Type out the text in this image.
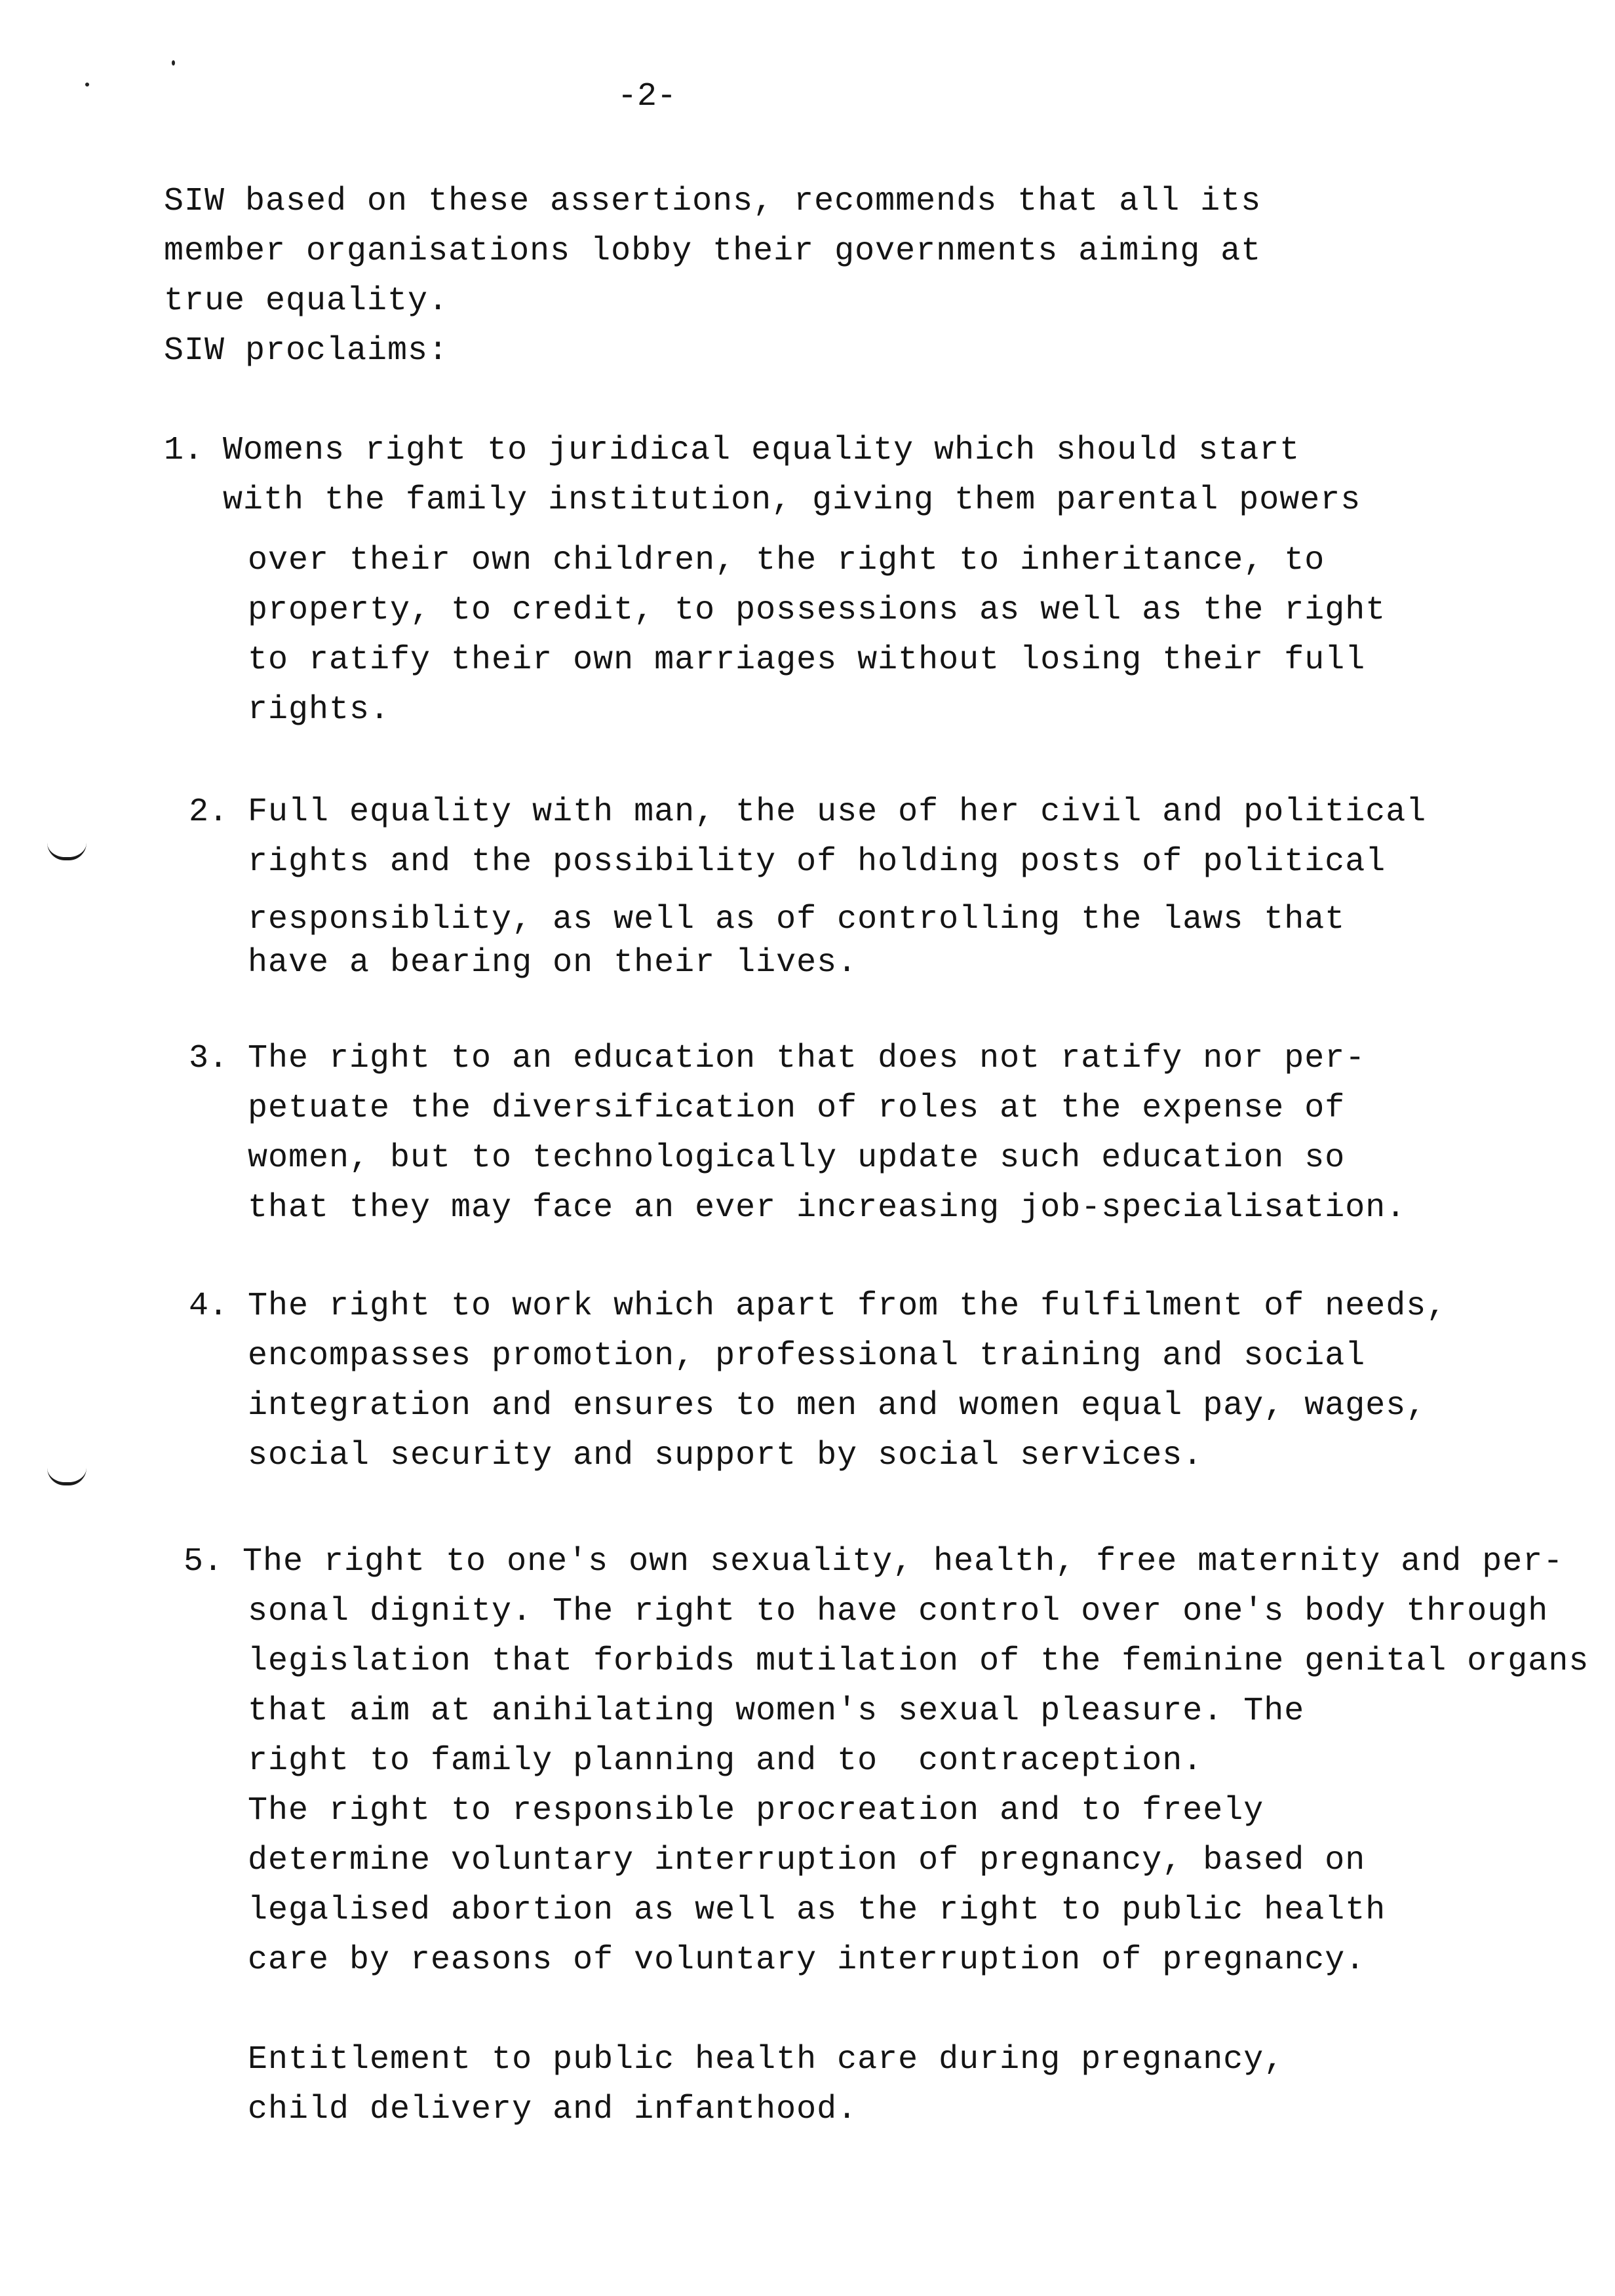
-2-
SIW based on these assertions, recommends that all its
member organisations lobby their governments aiming at
true equality.
SIW proclaims:
1. Womens right to juridical equality which should start
with the family institution, giving them parental powers
over their own children, the right to inheritance, to
property, to credit, to possessions as well as the right
to ratify their own marriages without losing their full
rights.
2. Full equality with man, the use of her civil and political
rights and the possibility of holding posts of political
responsiblity, as well as of controlling the laws that
have a bearing on their lives.
3. The right to an education that does not ratify nor per-
petuate the diversification of roles at the expense of
women, but to technologically update such education so
that they may face an ever increasing job-specialisation.
4. The right to work which apart from the fulfilment of needs,
encompasses promotion, professional training and social
integration and ensures to men and women equal pay, wages,
social security and support by social services.
5. The right to one's own sexuality, health, free maternity and per-
sonal dignity. The right to have control over one's body through
legislation that forbids mutilation of the feminine genital organs
that aim at anihilating women's sexual pleasure. The
right to family planning and to  contraception.
The right to responsible procreation and to freely
determine voluntary interruption of pregnancy, based on
legalised abortion as well as the right to public health
care by reasons of voluntary interruption of pregnancy.
Entitlement to public health care during pregnancy,
child delivery and infanthood.
